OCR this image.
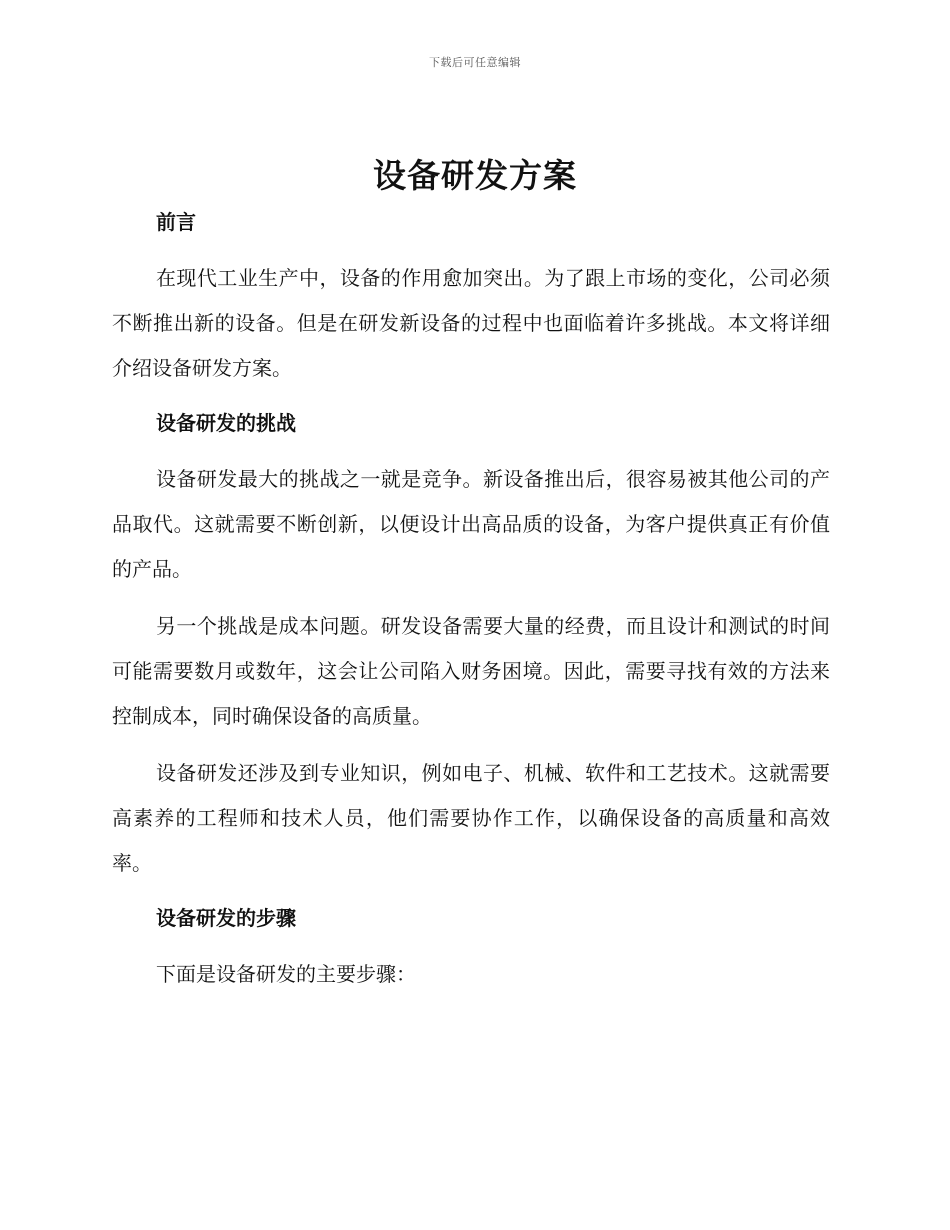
下载后可任意编辑
设备研发方案
前言

在现代工业生产中，设备的作用愈加突出。为了跟上市场的变化，公司必须不断推出新的设备。但是在研发新设备的过程中也面临着许多挑战。本文将详细介绍设备研发方案。

设备研发的挑战

设备研发最大的挑战之一就是竞争。新设备推出后，很容易被其他公司的产品取代。这就需要不断创新，以便设计出高品质的设备，为客户提供真正有价值的产品。

另一个挑战是成本问题。研发设备需要大量的经费，而且设计和测试的时间可能需要数月或数年，这会让公司陷入财务困境。因此，需要寻找有效的方法来控制成本，同时确保设备的高质量。

设备研发还涉及到专业知识，例如电子、机械、软件和工艺技术。这就需要高素养的工程师和技术人员，他们需要协作工作，以确保设备的高质量和高效率。

设备研发的步骤

下面是设备研发的主要步骤：
